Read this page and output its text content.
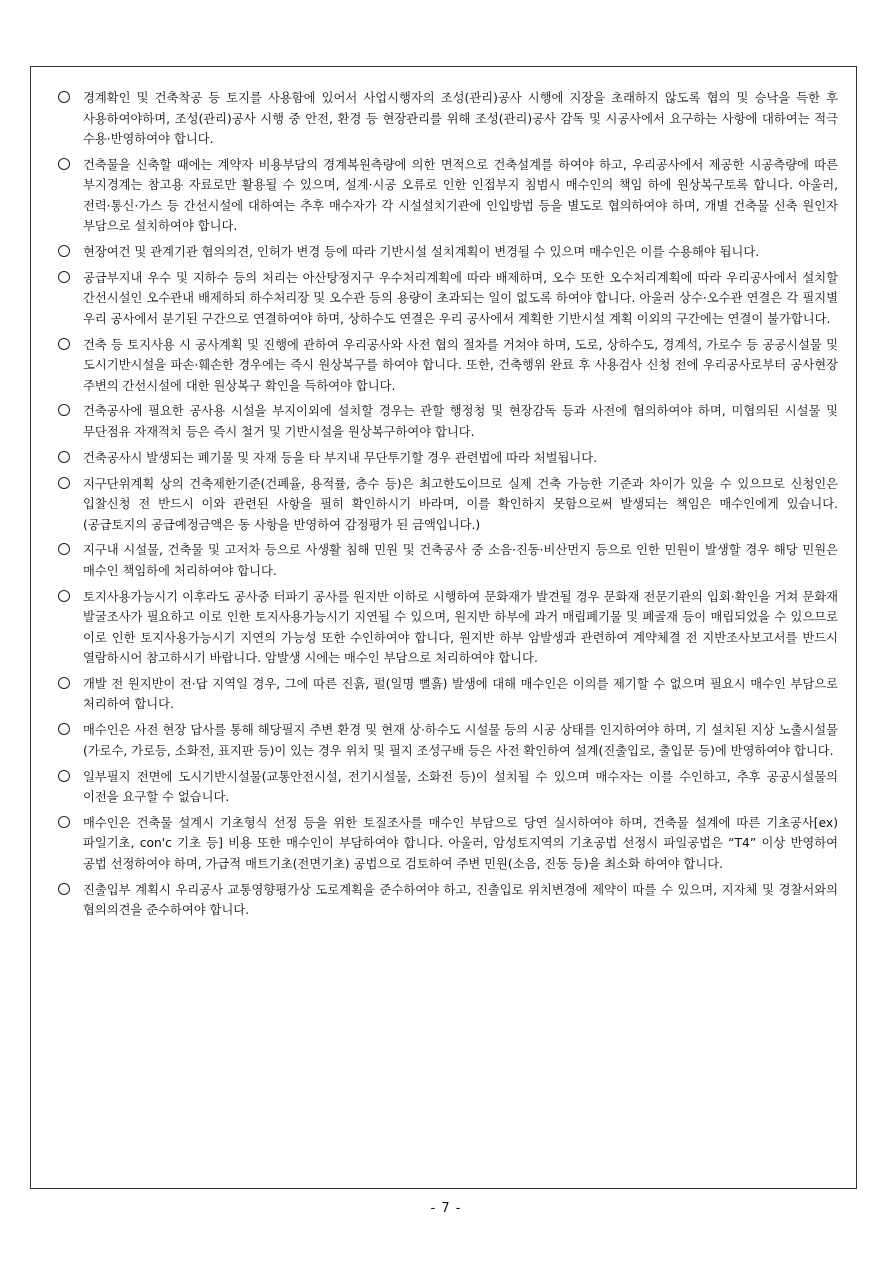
경계확인 및 건축착공 등 토지를 사용함에 있어서 사업시행자의 조성(관리)공사 시행에 지장을 초래하지 않도록 협의 및 승낙을 득한 후 사용하여야하며, 조성(관리)공사 시행 중 안전, 환경 등 현장관리를 위해 조성(관리)공사 감독 및 시공사에서 요구하는 사항에 대하여는 적극 수용·반영하여야 합니다.
건축물을 신축할 때에는 계약자 비용부담의 경계복원측량에 의한 면적으로 건축설계를 하여야 하고, 우리공사에서 제공한 시공측량에 따른 부지경계는 참고용 자료로만 활용될 수 있으며, 설계·시공 오류로 인한 인접부지 침범시 매수인의 책임 하에 원상복구토록 합니다. 아울러, 전력·통신·가스 등 간선시설에 대하여는 추후 매수자가 각 시설설치기관에 인입방법 등을 별도로 협의하여야 하며, 개별 건축물 신축 원인자 부담으로 설치하여야 합니다.
현장여건 및 관계기관 협의의견, 인허가 변경 등에 따라 기반시설 설치계획이 변경될 수 있으며 매수인은 이를 수용해야 됩니다.
공급부지내 우수 및 지하수 등의 처리는 아산탕정지구 우수처리계획에 따라 배제하며, 오수 또한 오수처리계획에 따라 우리공사에서 설치할 간선시설인 오수관내 배제하되 하수처리장 및 오수관 등의 용량이 초과되는 일이 없도록 하여야 합니다. 아울러 상수·오수관 연결은 각 필지별 우리 공사에서 분기된 구간으로 연결하여야 하며, 상하수도 연결은 우리 공사에서 계획한 기반시설 계획 이외의 구간에는 연결이 불가합니다.
건축 등 토지사용 시 공사계획 및 진행에 관하여 우리공사와 사전 협의 절차를 거쳐야 하며, 도로, 상하수도, 경계석, 가로수 등 공공시설물 및 도시기반시설을 파손·훼손한 경우에는 즉시 원상복구를 하여야 합니다. 또한, 건축행위 완료 후 사용검사 신청 전에 우리공사로부터 공사현장 주변의 간선시설에 대한 원상복구 확인을 득하여야 합니다.
건축공사에 필요한 공사용 시설을 부지이외에 설치할 경우는 관할 행정청 및 현장감독 등과 사전에 협의하여야 하며, 미협의된 시설물 및 무단점유 자재적치 등은 즉시 철거 및 기반시설을 원상복구하여야 합니다.
건축공사시 발생되는 폐기물 및 자재 등을 타 부지내 무단투기할 경우 관련법에 따라 처벌됩니다.
지구단위계획 상의 건축제한기준(건폐율, 용적률, 층수 등)은 최고한도이므로 실제 건축 가능한 기준과 차이가 있을 수 있으므로 신청인은 입찰신청 전 반드시 이와 관련된 사항을 필히 확인하시기 바라며, 이를 확인하지 못함으로써 발생되는 책임은 매수인에게 있습니다.(공급토지의 공급예정금액은 동 사항을 반영하여 감정평가 된 금액입니다.)
지구내 시설물, 건축물 및 고저차 등으로 사생활 침해 민원 및 건축공사 중 소음·진동·비산먼지 등으로 인한 민원이 발생할 경우 해당 민원은 매수인 책임하에 처리하여야 합니다.
토지사용가능시기 이후라도 공사중 터파기 공사를 원지반 이하로 시행하여 문화재가 발견될 경우 문화재 전문기관의 입회·확인을 거쳐 문화재 발굴조사가 필요하고 이로 인한 토지사용가능시기 지연될 수 있으며, 원지반 하부에 과거 매립폐기물 및 폐골재 등이 매립되었을 수 있으므로 이로 인한 토지사용가능시기 지연의 가능성 또한 수인하여야 합니다, 원지반 하부 암발생과 관련하여 계약체결 전 지반조사보고서를 반드시 열람하시어 참고하시기 바랍니다. 암발생 시에는 매수인 부담으로 처리하여야 합니다.
개발 전 원지반이 전·답 지역일 경우, 그에 따른 진흙, 펄(일명 뻘흙) 발생에 대해 매수인은 이의를 제기할 수 없으며 필요시 매수인 부담으로 처리하여 합니다.
매수인은 사전 현장 답사를 통해 해당필지 주변 환경 및 현재 상·하수도 시설물 등의 시공 상태를 인지하여야 하며, 기 설치된 지상 노출시설물(가로수, 가로등, 소화전, 표지판 등)이 있는 경우 위치 및 필지 조성구배 등은 사전 확인하여 설계(진출입로, 출입문 등)에 반영하여야 합니다.
일부필지 전면에 도시기반시설물(교통안전시설, 전기시설물, 소화전 등)이 설치될 수 있으며 매수자는 이를 수인하고, 추후 공공시설물의 이전을 요구할 수 없습니다.
매수인은 건축물 설계시 기초형식 선정 등을 위한 토질조사를 매수인 부담으로 당연 실시하여야 하며, 건축물 설계에 따른 기초공사[ex) 파일기초, con'c 기초 등] 비용 또한 매수인이 부담하여야 합니다. 아울러, 암성토지역의 기초공법 선정시 파일공법은 “T4” 이상 반영하여 공법 선정하여야 하며, 가급적 매트기초(전면기초) 공법으로 검토하여 주변 민원(소음, 진동 등)을 최소화 하여야 합니다.
진출입부 계획시 우리공사 교통영향평가상 도로계획을 준수하여야 하고, 진출입로 위치변경에 제약이 따를 수 있으며, 지자체 및 경찰서와의 협의의견을 준수하여야 합니다.
- 7 -
